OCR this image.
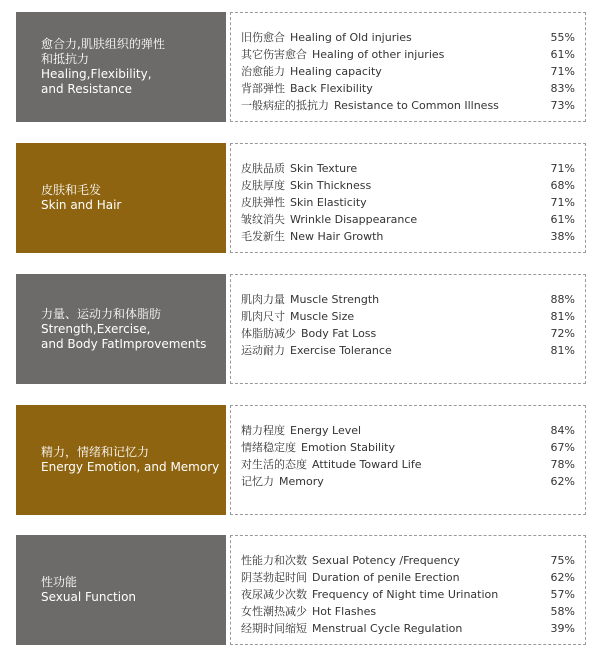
愈合力,肌肤组织的弹性
和抵抗力
Healing,Flexibility,
and Resistance
旧伤愈合 Healing of Old injuries	55%
其它伤害愈合 Healing of other injuries	61%
治愈能力 Healing capacity	71%
背部弹性 Back Flexibility	83%
一般病症的抵抗力 Resistance to Common Illness	73%
皮肤和毛发
Skin and Hair
皮肤品质 Skin Texture	71%
皮肤厚度 Skin Thickness	68%
皮肤弹性 Skin Elasticity	71%
皱纹消失 Wrinkle Disappearance	61%
毛发新生 New Hair Growth	38%
力量、运动力和体脂肪
Strength,Exercise,
and Body FatImprovements
肌肉力量 Muscle Strength	88%
肌肉尺寸 Muscle Size	81%
体脂肪减少 Body Fat Loss	72%
运动耐力 Exercise Tolerance	81%
精力，情绪和记忆力
Energy Emotion, and Memory
精力程度 Energy Level	84%
情绪稳定度 Emotion Stability	67%
对生活的态度 Attitude Toward Life	78%
记忆力 Memory	62%
性功能
Sexual Function
性能力和次数 Sexual Potency /Frequency	75%
阴茎勃起时间 Duration of penile Erection	62%
夜尿减少次数 Frequency of Night time Urination	57%
女性潮热减少 Hot Flashes	58%
经期时间缩短 Menstrual Cycle Regulation	39%
